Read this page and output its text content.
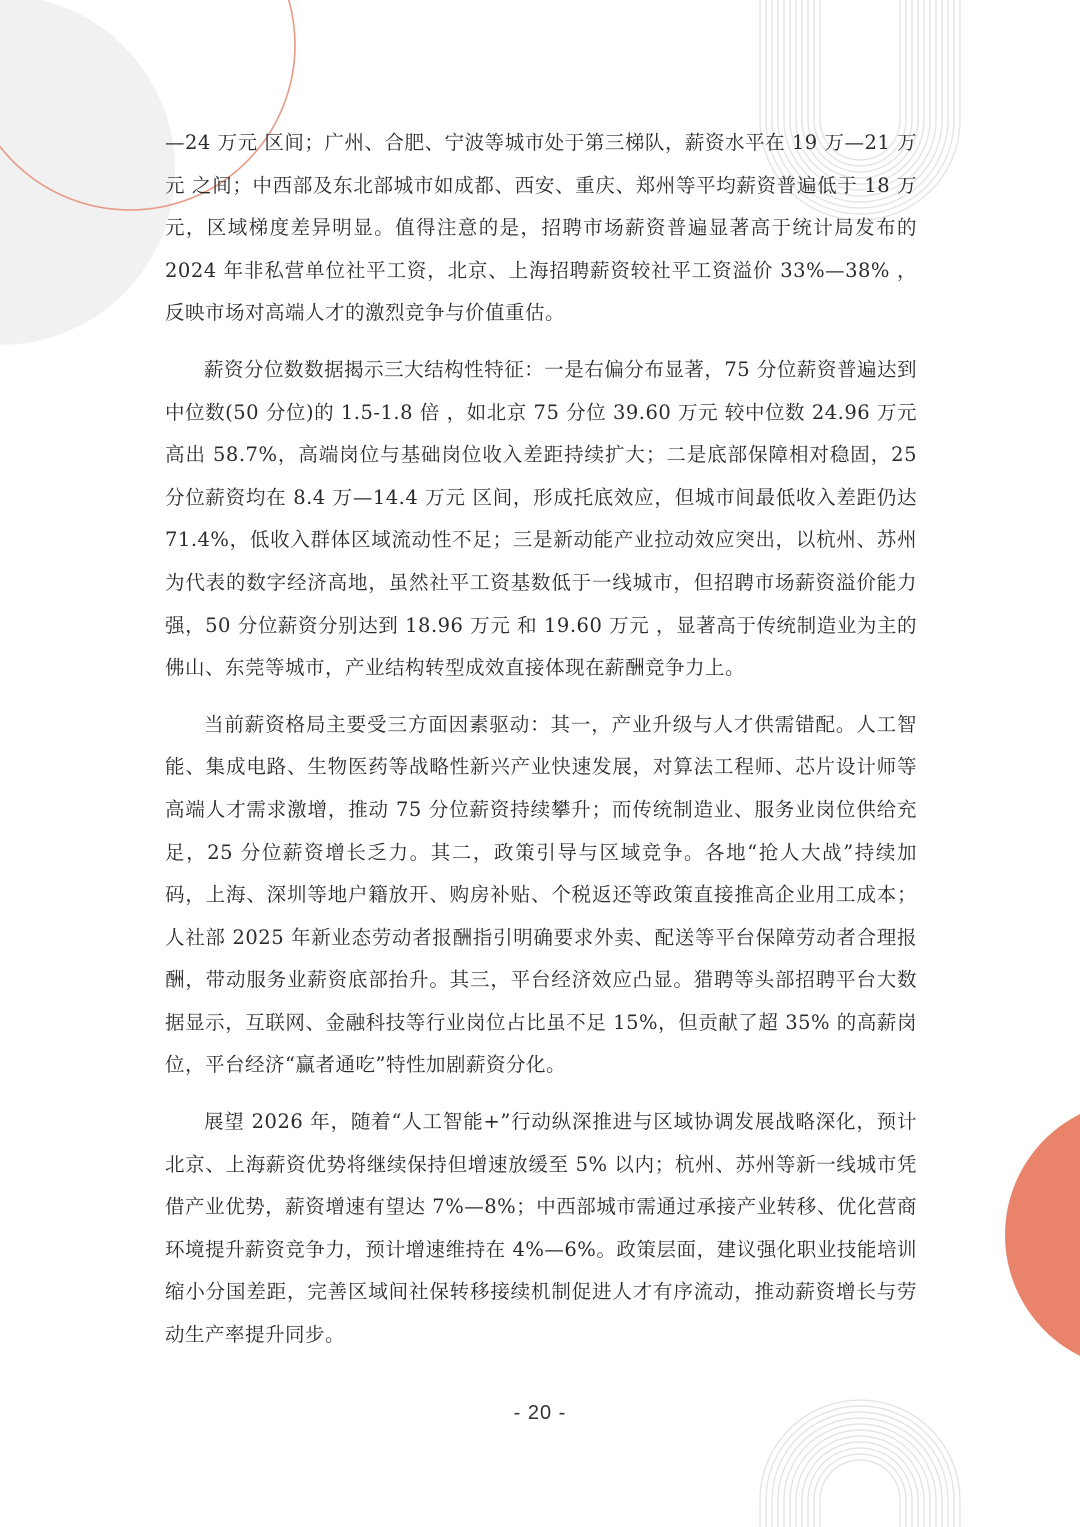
—24 万元 区间；广州、合肥、宁波等城市处于第三梯队，薪资水平在 19 万—21 万元 之间；中西部及东北部城市如成都、西安、重庆、郑州等平均薪资普遍低于 18 万元，区域梯度差异明显。值得注意的是，招聘市场薪资普遍显著高于统计局发布的 2024 年非私营单位社平工资，北京、上海招聘薪资较社平工资溢价 33%—38% ，反映市场对高端人才的激烈竞争与价值重估。

薪资分位数数据揭示三大结构性特征：一是右偏分布显著，75 分位薪资普遍达到中位数(50 分位)的 1.5-1.8 倍 ，如北京 75 分位 39.60 万元 较中位数 24.96 万元 高出 58.7%，高端岗位与基础岗位收入差距持续扩大；二是底部保障相对稳固，25 分位薪资均在 8.4 万—14.4 万元 区间，形成托底效应，但城市间最低收入差距仍达 71.4%，低收入群体区域流动性不足；三是新动能产业拉动效应突出，以杭州、苏州为代表的数字经济高地，虽然社平工资基数低于一线城市，但招聘市场薪资溢价能力强，50 分位薪资分别达到 18.96 万元 和 19.60 万元 ，显著高于传统制造业为主的佛山、东莞等城市，产业结构转型成效直接体现在薪酬竞争力上。

当前薪资格局主要受三方面因素驱动：其一，产业升级与人才供需错配。人工智能、集成电路、生物医药等战略性新兴产业快速发展，对算法工程师、芯片设计师等高端人才需求激增，推动 75 分位薪资持续攀升；而传统制造业、服务业岗位供给充足，25 分位薪资增长乏力。其二，政策引导与区域竞争。各地“抢人大战”持续加码，上海、深圳等地户籍放开、购房补贴、个税返还等政策直接推高企业用工成本；人社部 2025 年新业态劳动者报酬指引明确要求外卖、配送等平台保障劳动者合理报酬，带动服务业薪资底部抬升。其三，平台经济效应凸显。猎聘等头部招聘平台大数据显示，互联网、金融科技等行业岗位占比虽不足 15%，但贡献了超 35% 的高薪岗位，平台经济“赢者通吃”特性加剧薪资分化。

展望 2026 年，随着“人工智能+”行动纵深推进与区域协调发展战略深化，预计北京、上海薪资优势将继续保持但增速放缓至 5% 以内；杭州、苏州等新一线城市凭借产业优势，薪资增速有望达 7%—8%；中西部城市需通过承接产业转移、优化营商环境提升薪资竞争力，预计增速维持在 4%—6%。政策层面，建议强化职业技能培训缩小分国差距，完善区域间社保转移接续机制促进人才有序流动，推动薪资增长与劳动生产率提升同步。

- 20 -
